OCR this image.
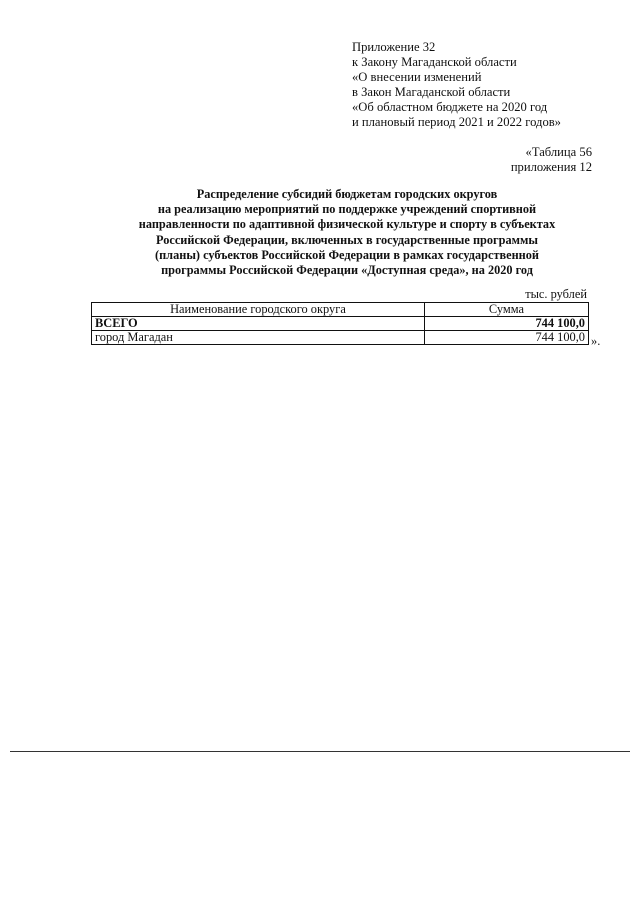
Приложение 32
к Закону Магаданской области
«О внесении изменений
в Закон Магаданской области
«Об областном бюджете на 2020 год
и плановый период 2021 и 2022 годов»
«Таблица 56
приложения 12
Распределение субсидий бюджетам городских округов
на реализацию мероприятий по поддержке учреждений спортивной
направленности по адаптивной физической культуре и спорту в субъектах
Российской Федерации, включенных в государственные программы
(планы) субъектов Российской Федерации в рамках государственной
программы Российской Федерации «Доступная среда», на 2020 год
тыс. рублей
Наименование городского округа	Сумма
ВСЕГО	744 100,0
город Магадан	744 100,0 ».
